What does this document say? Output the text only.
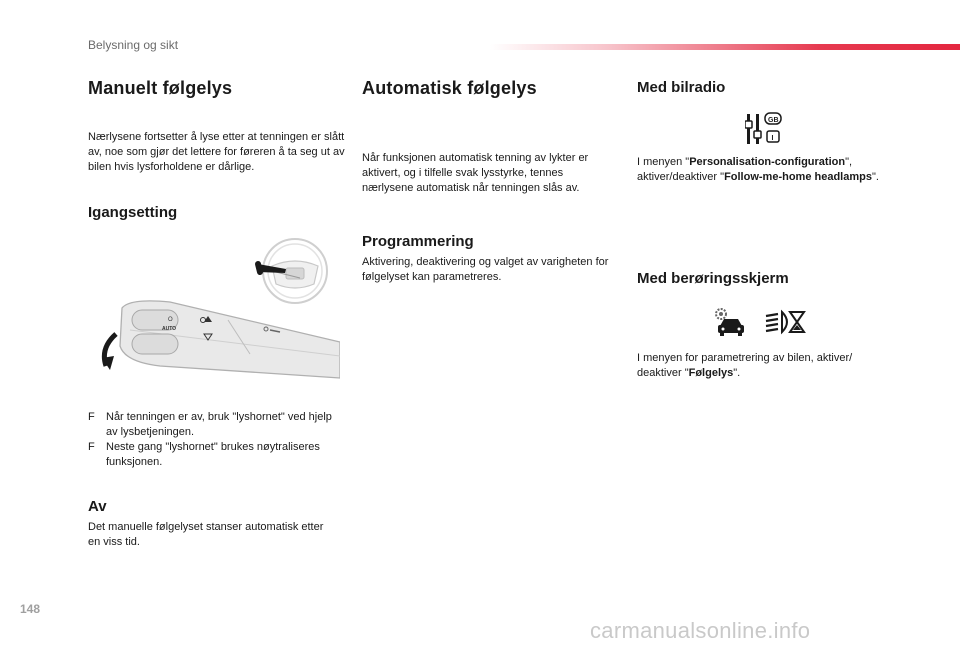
Belysning og sikt
Manuelt følgelys
Nærlysene fortsetter å lyse etter at tenningen er slått av, noe som gjør det lettere for føreren å ta seg ut av bilen hvis lysforholdene er dårlige.
Igangsetting
O
AUTO
F Når tenningen er av, bruk "lyshornet" ved hjelp av lysbetjeningen.
F Neste gang "lyshornet" brukes nøytraliseres funksjonen.
Av
Det manuelle følgelyset stanser automatisk etter en viss tid.
Automatisk følgelys
Når funksjonen automatisk tenning av lykter er aktivert, og i tilfelle svak lysstyrke, tennes nærlysene automatisk når tenningen slås av.
Programmering
Aktivering, deaktivering og valget av varigheten for følgelyset kan parametreres.
Med bilradio
GB
I
I menyen "Personalisation-configuration", aktiver/deaktiver "Follow-me-home headlamps".
Med berøringsskjerm
I menyen for parametrering av bilen, aktiver/ deaktiver "Følgelys".
148
carmanualsonline.info
